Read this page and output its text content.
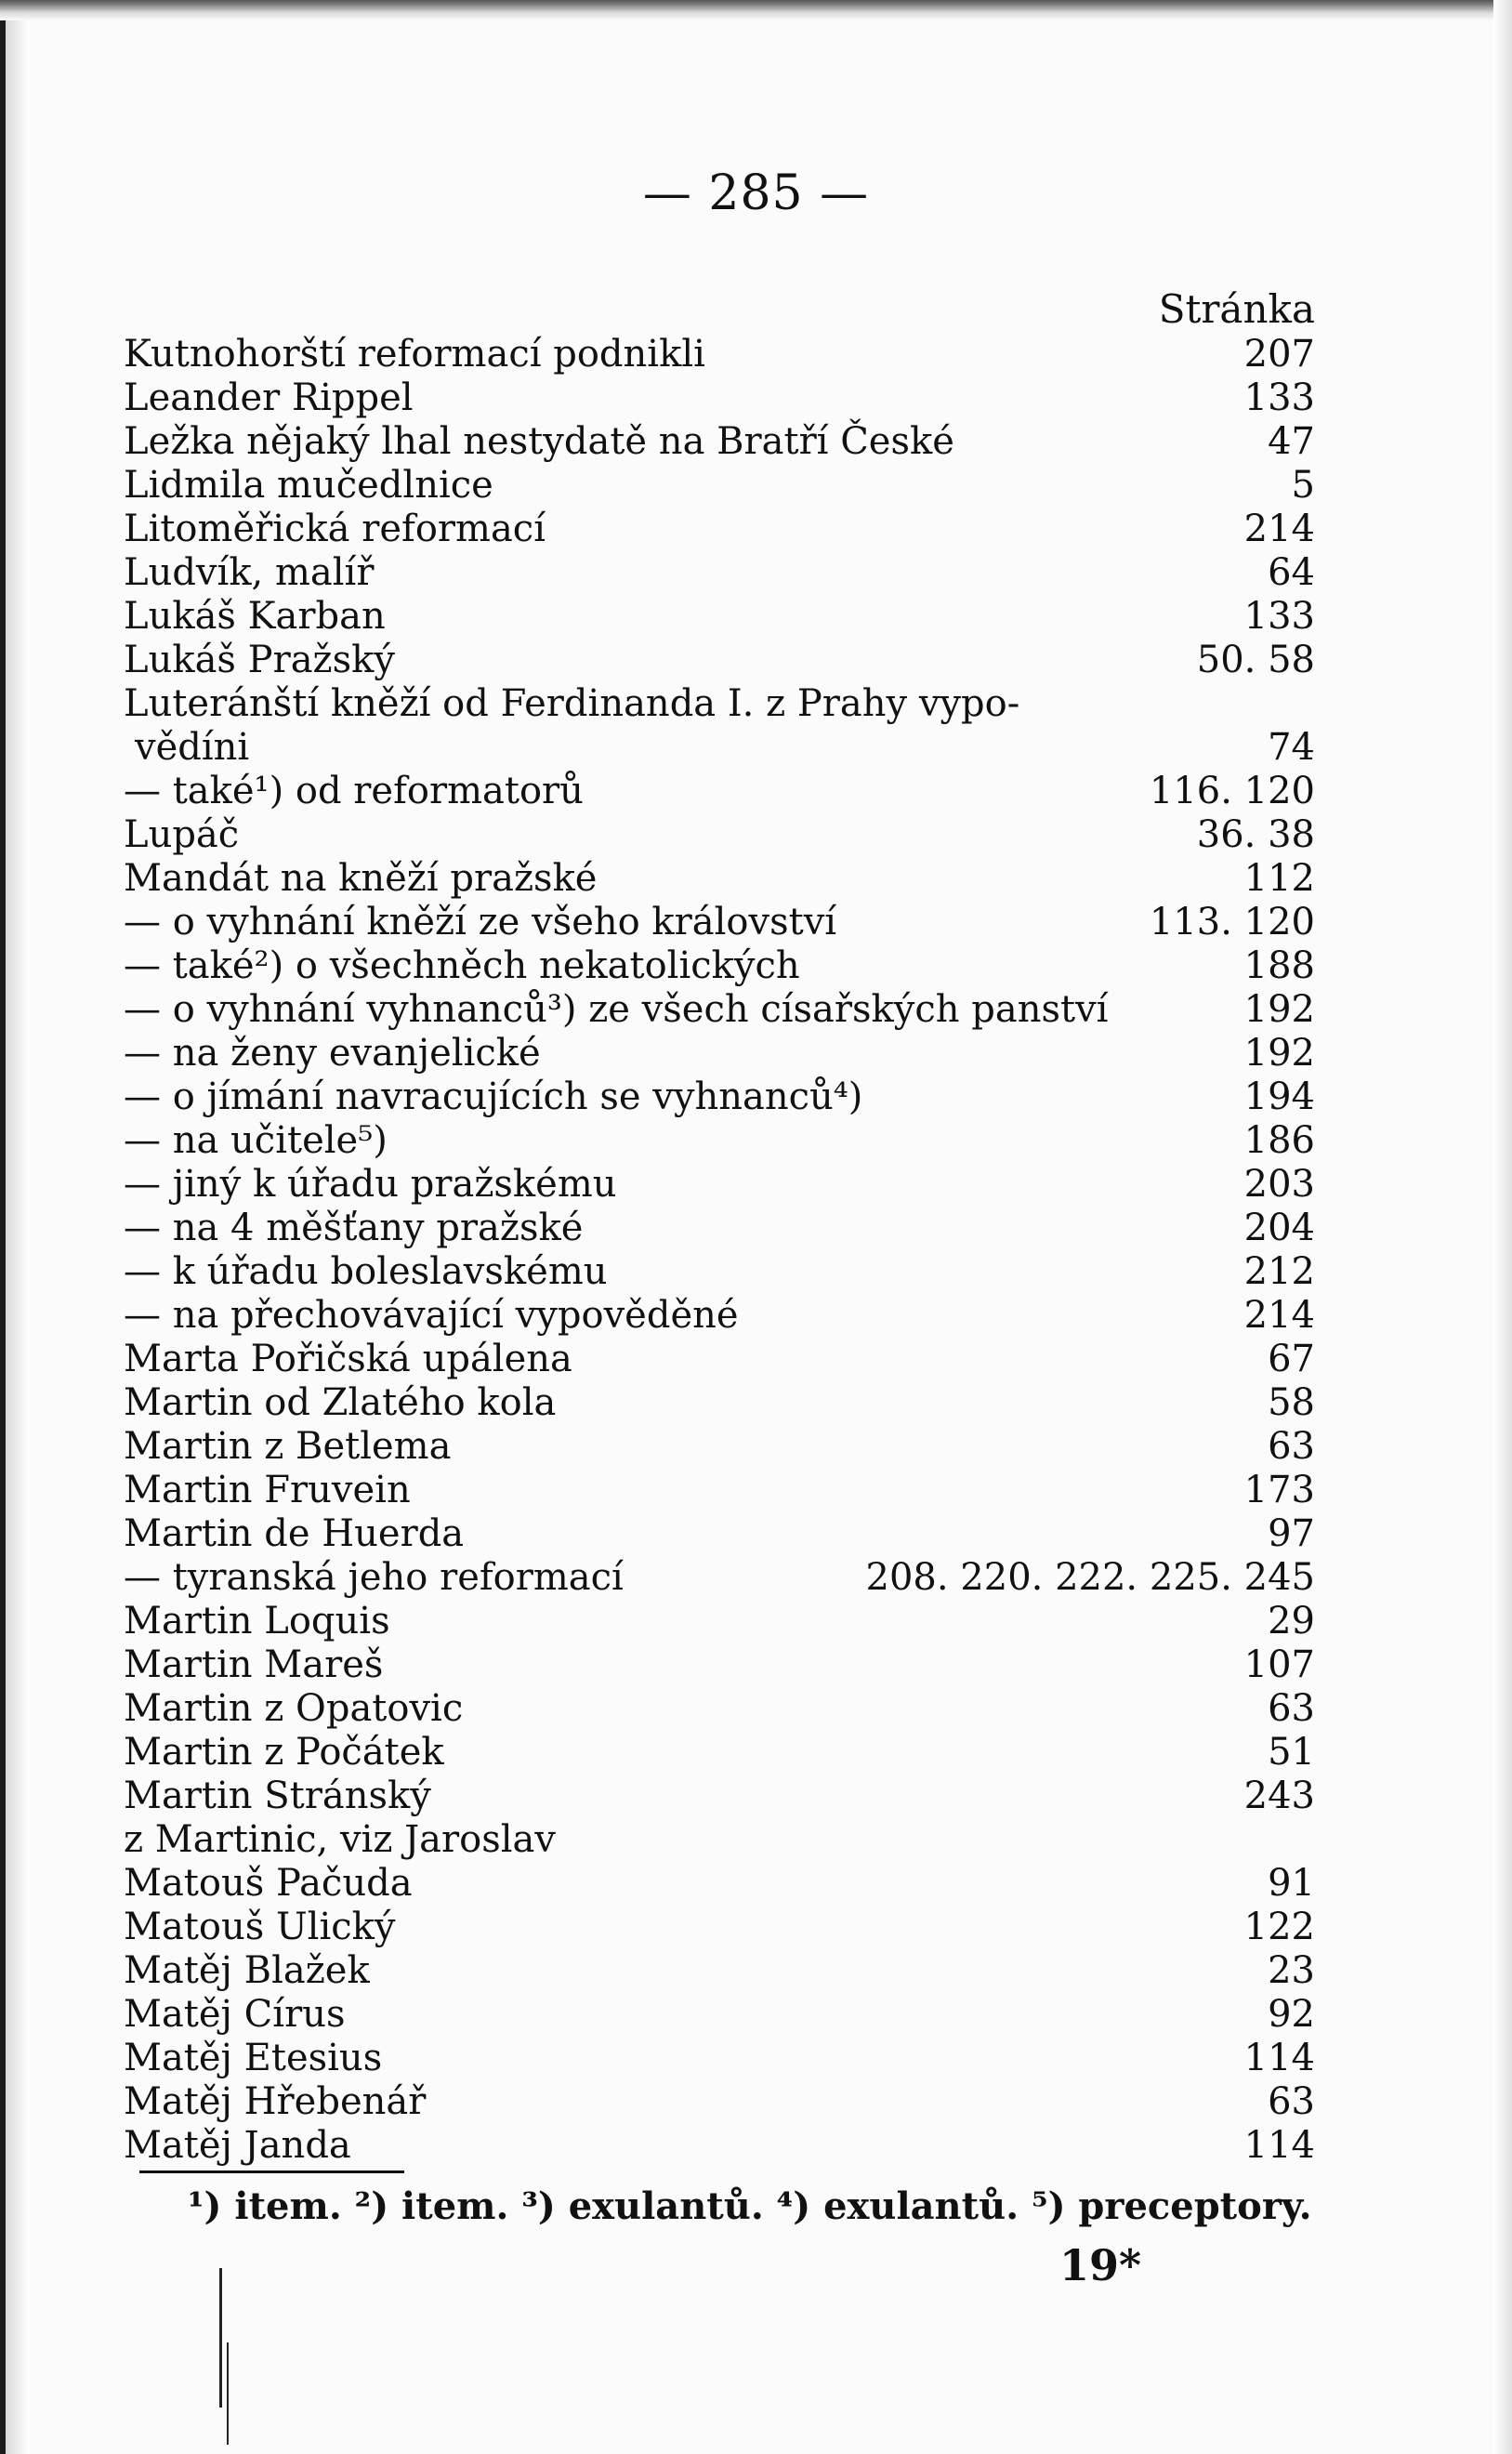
— 285 —
Stránka
Kutnohorští reformací podnikli	207
Leander Rippel	133
Ležka nějaký lhal nestydatě na Bratří České	47
Lidmila mučedlnice	5
Litoměřická reformací	214
Ludvík, malíř	64
Lukáš Karban	133
Lukáš Pražský	50. 58
Luteránští kněží od Ferdinanda I. z Prahy vypo-
vědíni	74
— také¹) od reformatorů	116. 120
Lupáč	36. 38
Mandát na kněží pražské	112
— o vyhnání kněží ze všeho království	113. 120
— také²) o všechněch nekatolických	188
— o vyhnání vyhnanců³) ze všech císařských panství	192
— na ženy evanjelické	192
— o jímání navracujících se vyhnanců⁴)	194
— na učitele⁵)	186
— jiný k úřadu pražskému	203
— na 4 měšťany pražské	204
— k úřadu boleslavskému	212
— na přechovávající vypověděné	214
Marta Pořičská upálena	67
Martin od Zlatého kola	58
Martin z Betlema	63
Martin Fruvein	173
Martin de Huerda	97
— tyranská jeho reformací	208. 220. 222. 225. 245
Martin Loquis	29
Martin Mareš	107
Martin z Opatovic	63
Martin z Počátek	51
Martin Stránský	243
z Martinic, viz Jaroslav
Matouš Pačuda	91
Matouš Ulický	122
Matěj Blažek	23
Matěj Círus	92
Matěj Etesius	114
Matěj Hřebenář	63
Matěj Janda	114
¹) item. ²) item. ³) exulantů. ⁴) exulantů. ⁵) preceptory.
19*
